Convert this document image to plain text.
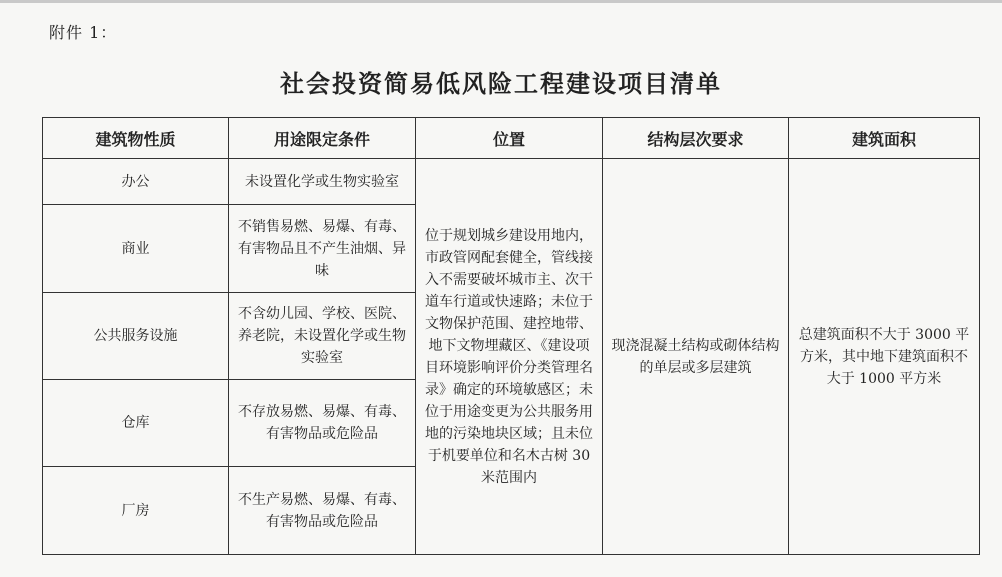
附件 1：
社会投资简易低风险工程建设项目清单
建筑物性质	用途限定条件	位置	结构层次要求	建筑面积
办公	未设置化学或生物实验室	位于规划城乡建设用地内，市政管网配套健全，管线接入不需要破坏城市主、次干道车行道或快速路；未位于文物保护范围、建控地带、地下文物埋藏区、《建设项目环境影响评价分类管理名录》确定的环境敏感区；未位于用途变更为公共服务用地的污染地块区域；且未位于机要单位和名木古树 30 米范围内	现浇混凝土结构或砌体结构的单层或多层建筑	总建筑面积不大于 3000 平方米，其中地下建筑面积不大于 1000 平方米
商业	不销售易燃、易爆、有毒、有害物品且不产生油烟、异味			
公共服务设施	不含幼儿园、学校、医院、养老院，未设置化学或生物实验室			
仓库	不存放易燃、易爆、有毒、有害物品或危险品			
厂房	不生产易燃、易爆、有毒、有害物品或危险品			
